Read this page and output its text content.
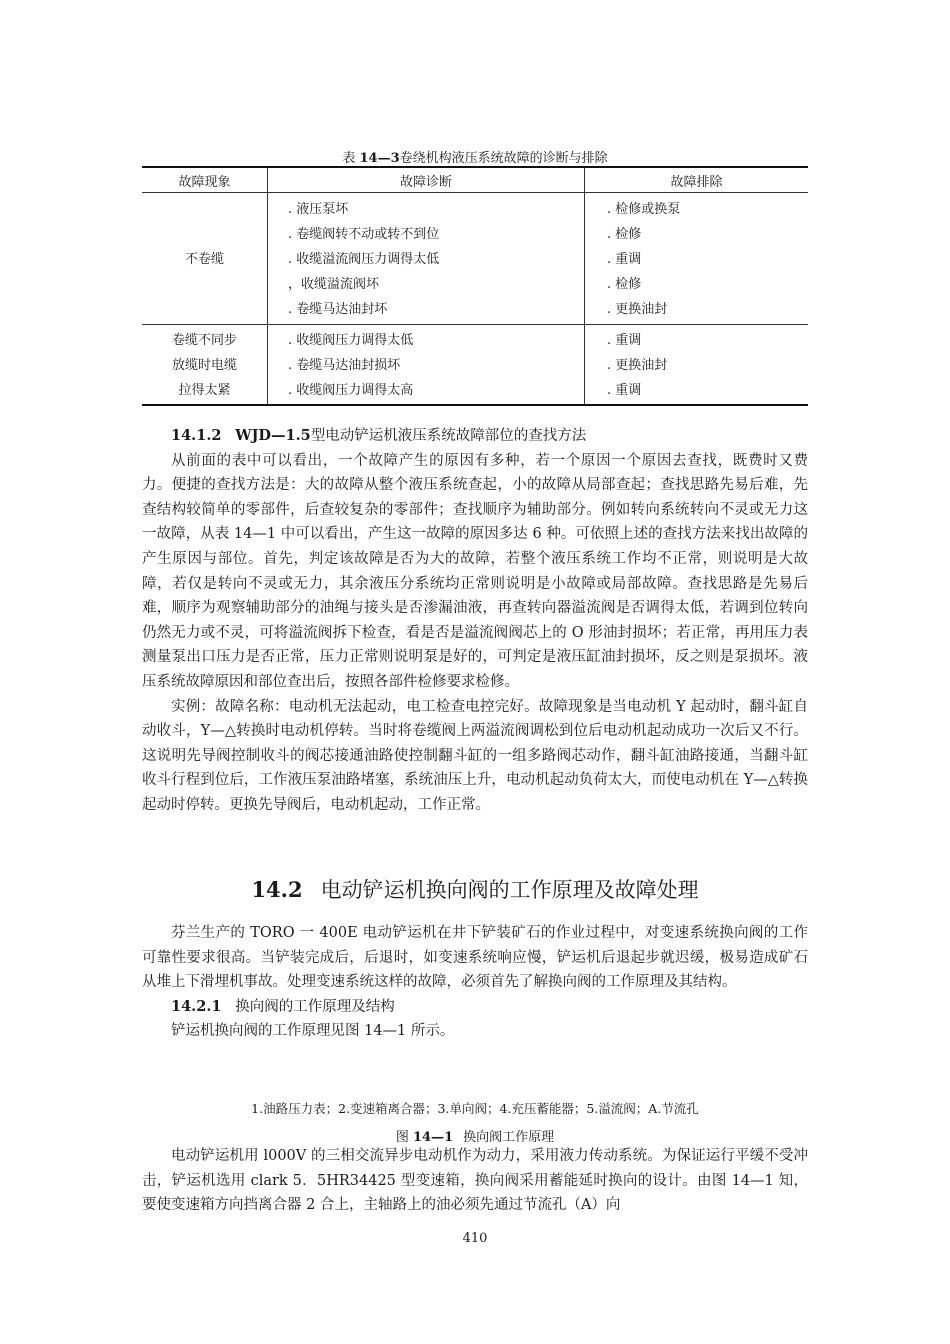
表 14—3卷绕机构液压系统故障的诊断与排除
故障现象	故障诊断	故障排除
不卷缆
. 液压泵坏
. 卷缆阀转不动或转不到位
. 收缆溢流阀压力调得太低
，收缆溢流阀坏
. 卷缆马达油封坏
. 检修或换泵
. 检修
. 重调
. 检修
. 更换油封
卷缆不同步
放缆时电缆
拉得太紧
. 收缆阀压力调得太低
. 卷缆马达油封损坏
. 收缆阀压力调得太高
. 重调
. 更换油封
. 重调

14.1.2 WJD—1.5型电动铲运机液压系统故障部位的查找方法

从前面的表中可以看出，一个故障产生的原因有多种，若一个原因一个原因去查找，既费时又费力。便捷的查找方法是：大的故障从整个液压系统查起，小的故障从局部查起；查找思路先易后难，先查结构较简单的零部件，后查较复杂的零部件；查找顺序为辅助部分。例如转向系统转向不灵或无力这一故障，从表 14—1 中可以看出，产生这一故障的原因多达 6 种。可依照上述的查找方法来找出故障的产生原因与部位。首先，判定该故障是否为大的故障，若整个液压系统工作均不正常，则说明是大故障，若仅是转向不灵或无力，其余液压分系统均正常则说明是小故障或局部故障。查找思路是先易后难，顺序为观察辅助部分的油绳与接头是否渗漏油液，再查转向器溢流阀是否调得太低，若调到位转向仍然无力或不灵，可将溢流阀拆下检查，看是否是溢流阀阀芯上的 O 形油封损坏；若正常，再用压力表测量泵出口压力是否正常，压力正常则说明泵是好的，可判定是液压缸油封损坏，反之则是泵损坏。液压系统故障原因和部位查出后，按照各部件检修要求检修。

实例：故障名称：电动机无法起动，电工检查电控完好。故障现象是当电动机 Y 起动时，翻斗缸自动收斗，Y—△转换时电动机停转。当时将卷缆阀上两溢流阀调松到位后电动机起动成功一次后又不行。这说明先导阀控制收斗的阀芯接通油路使控制翻斗缸的一组多路阀芯动作，翻斗缸油路接通，当翻斗缸收斗行程到位后，工作液压泵油路堵塞，系统油压上升，电动机起动负荷太大，而使电动机在 Y—△转换起动时停转。更换先导阀后，电动机起动，工作正常。

14.2 电动铲运机换向阀的工作原理及故障处理

芬兰生产的 TORO 一 400E 电动铲运机在井下铲装矿石的作业过程中，对变速系统换向阀的工作可靠性要求很高。当铲装完成后，后退时，如变速系统响应慢，铲运机后退起步就迟缓，极易造成矿石从堆上下滑埋机事故。处理变速系统这样的故障，必须首先了解换向阀的工作原理及其结构。

14.2.1 换向阀的工作原理及结构

铲运机换向阀的工作原理见图 14—1 所示。

1.油路压力表；2.变速箱离合器；3.单向阀；4.充压蓄能器；5.溢流阀；A.节流孔
图 14—1 换向阀工作原理

电动铲运机用 l000V 的三相交流异步电动机作为动力，采用液力传动系统。为保证运行平缓不受冲击，铲运机选用 clark 5．5HR34425 型变速箱，换向阀采用蓄能延时换向的设计。由图 14—1 知，要使变速箱方向挡离合器 2 合上，主轴路上的油必须先通过节流孔（A）向

410
